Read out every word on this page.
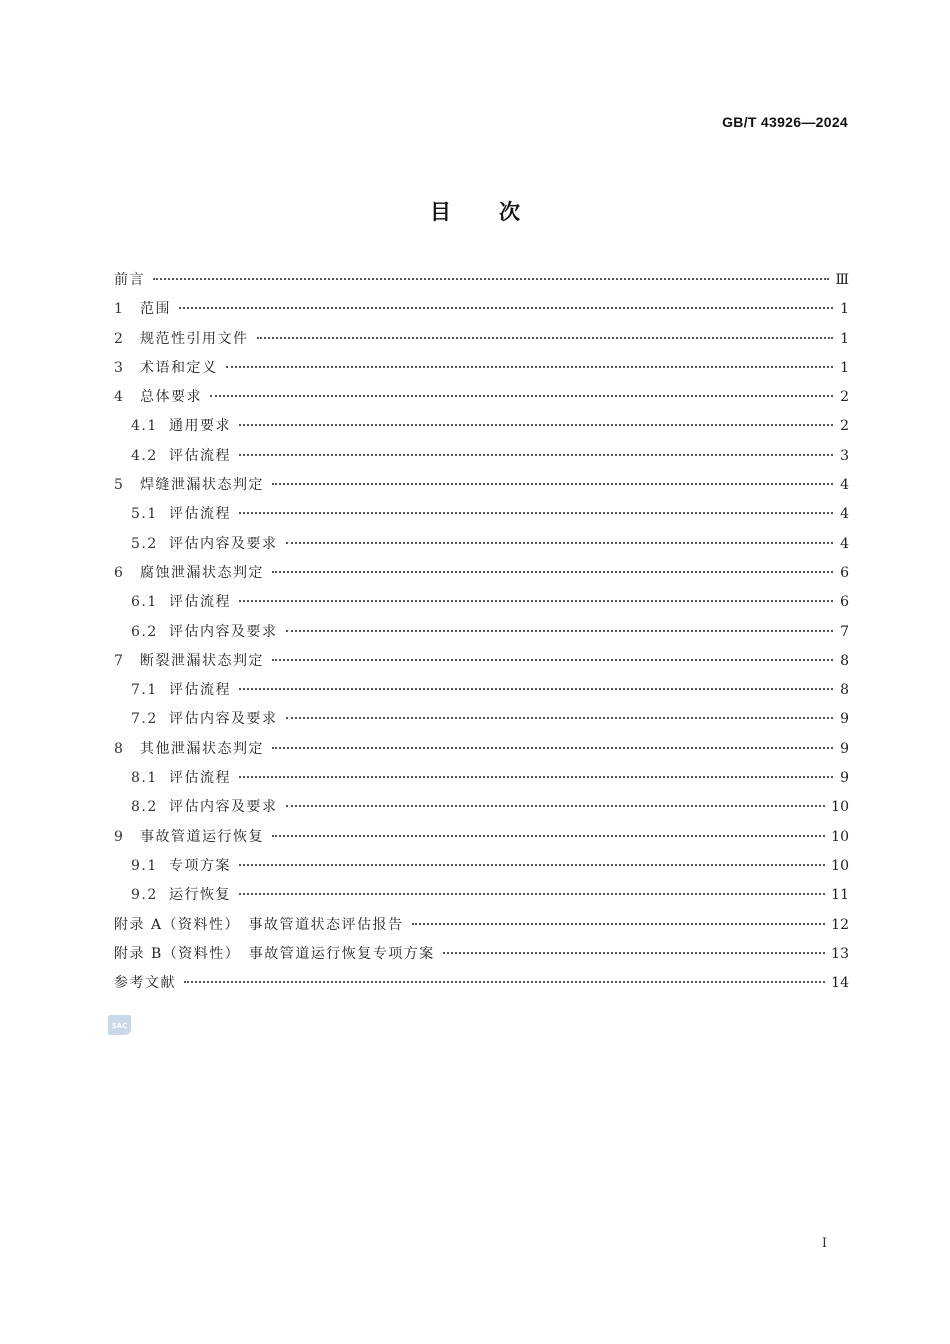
GB/T 43926—2024
目次
前言	Ⅲ
1	范围	1
2	规范性引用文件	1
3	术语和定义	1
4	总体要求	2
4.1 通用要求	2
4.2 评估流程	3
5	焊缝泄漏状态判定	4
5.1 评估流程	4
5.2 评估内容及要求	4
6	腐蚀泄漏状态判定	6
6.1 评估流程	6
6.2 评估内容及要求	7
7	断裂泄漏状态判定	8
7.1 评估流程	8
7.2 评估内容及要求	9
8	其他泄漏状态判定	9
8.1 评估流程	9
8.2 评估内容及要求	10
9	事故管道运行恢复	10
9.1 专项方案	10
9.2 运行恢复	11
附录 A（资料性）　事故管道状态评估报告	12
附录 B（资料性）　事故管道运行恢复专项方案	13
参考文献	14
SAC
Ⅰ
